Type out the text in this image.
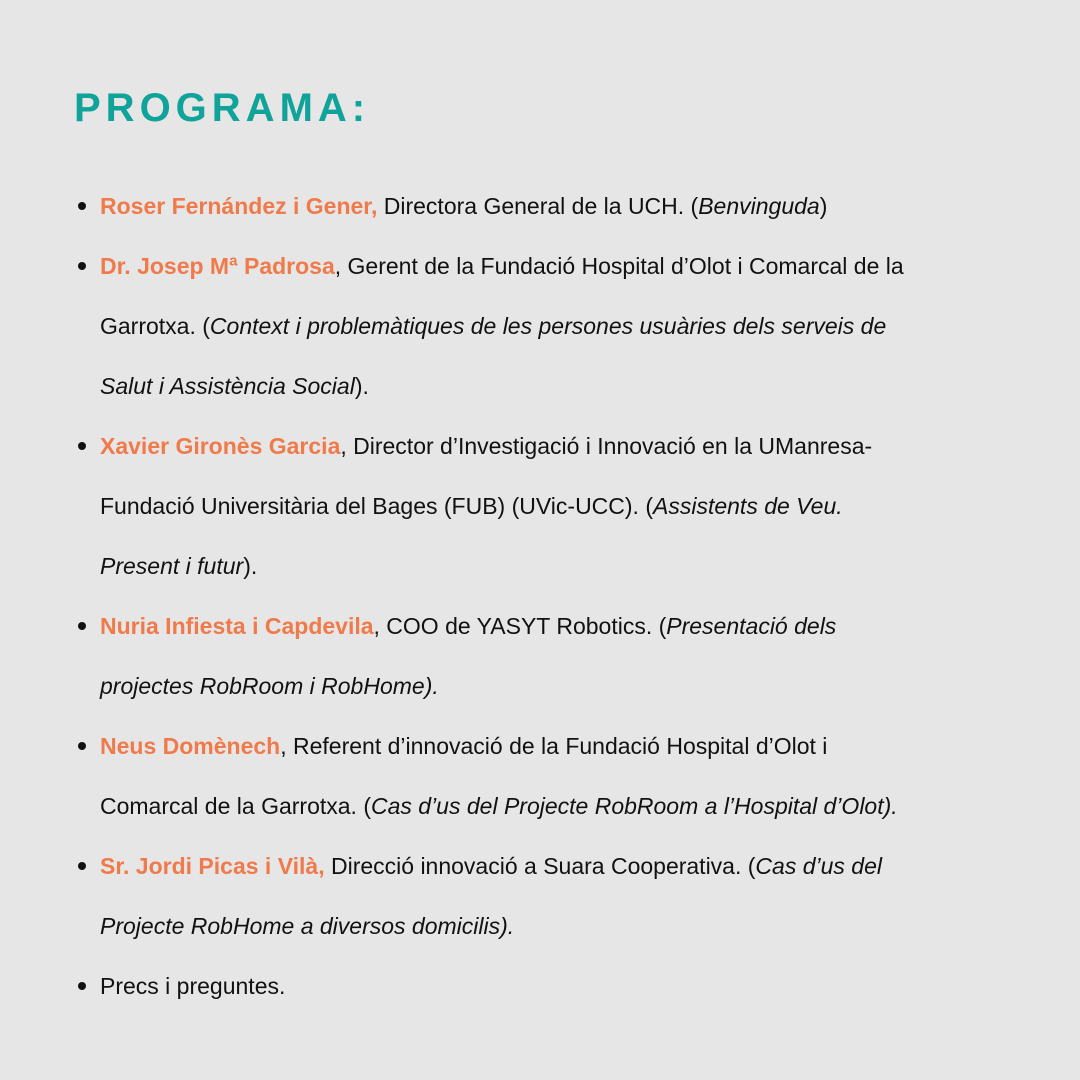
PROGRAMA:
Roser Fernández i Gener, Directora General de la UCH. (Benvinguda)
Dr. Josep Mª Padrosa, Gerent de la Fundació Hospital d’Olot i Comarcal de la
Garrotxa. (Context i problemàtiques de les persones usuàries dels serveis de
Salut i Assistència Social).
Xavier Gironès Garcia, Director d’Investigació i Innovació en la UManresa-
Fundació Universitària del Bages (FUB) (UVic-UCC). (Assistents de Veu.
Present i futur).
Nuria Infiesta i Capdevila, COO de YASYT Robotics. (Presentació dels
projectes RobRoom i RobHome).
Neus Domènech, Referent d’innovació de la Fundació Hospital d’Olot i
Comarcal de la Garrotxa. (Cas d’us del Projecte RobRoom a l’Hospital d’Olot).
Sr. Jordi Picas i Vilà, Direcció innovació a Suara Cooperativa. (Cas d’us del
Projecte RobHome a diversos domicilis).
Precs i preguntes.
